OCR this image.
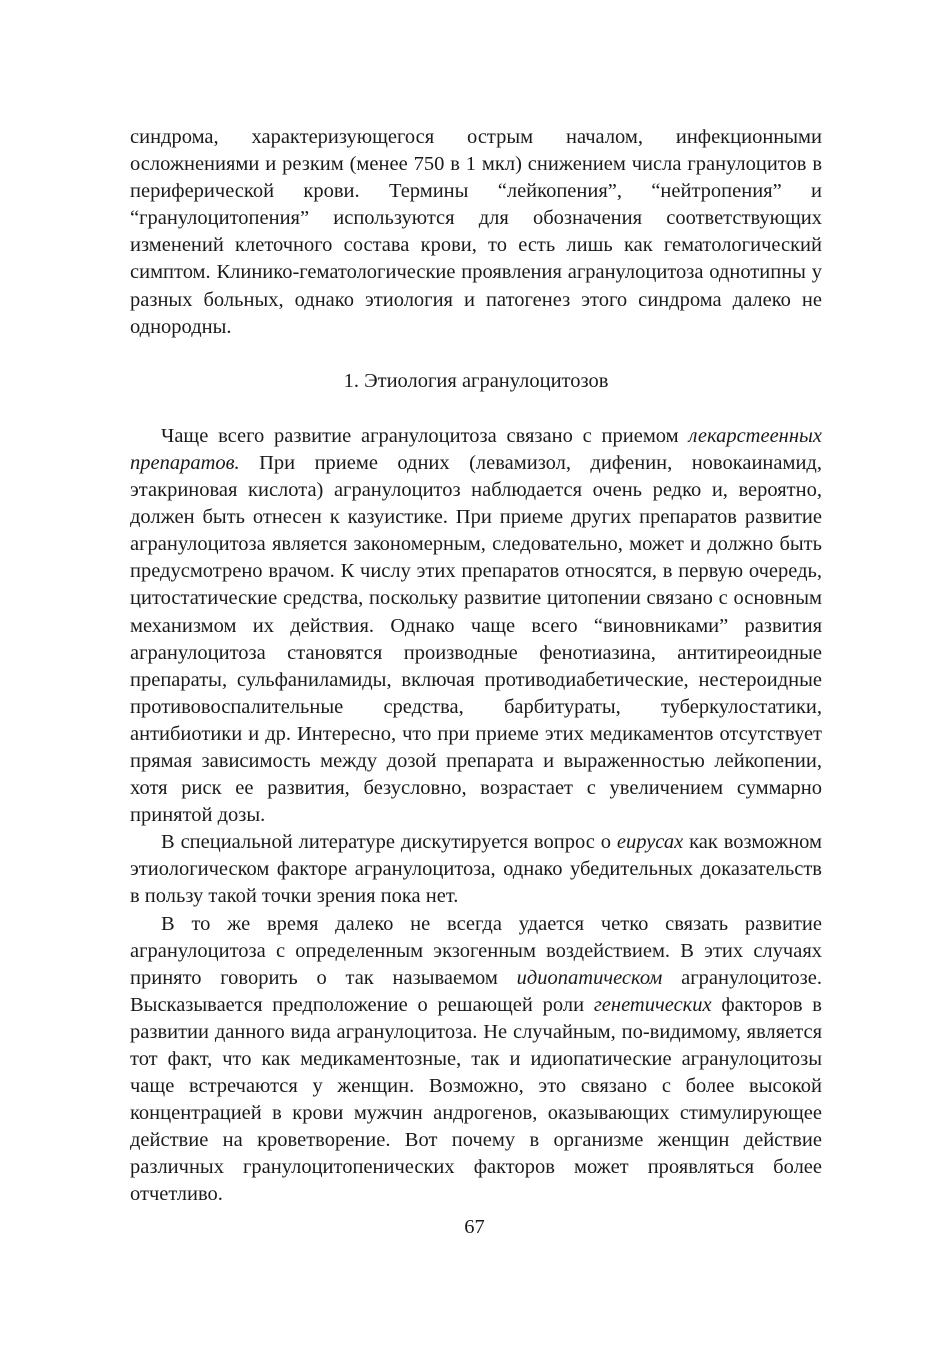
синдрома, характеризующегося острым началом, инфекционными осложнениями и резким (менее 750 в 1 мкл) снижением числа гранулоцитов в периферической крови. Термины “лейкопения”, “нейтропения” и “гранулоцитопения” используются для обозначения соответствующих изменений клеточного состава крови, то есть лишь как гематологический симптом. Клинико-гематологические проявления агранулоцитоза однотипны у разных больных, однако этиология и патогенез этого синдрома далеко не однородны.

1. Этиология агранулоцитозов

Чаще всего развитие агранулоцитоза связано с приемом лекарстеенных препаратов. При приеме одних (левамизол, дифенин, новокаинамид, этакриновая кислота) агранулоцитоз наблюдается очень редко и, вероятно, должен быть отнесен к казуистике. При приеме других препаратов развитие агранулоцитоза является закономерным, следовательно, может и должно быть предусмотрено врачом. К числу этих препаратов относятся, в первую очередь, цитостатические средства, поскольку развитие цитопении связано с основным механизмом их действия. Однако чаще всего “виновниками” развития агранулоцитоза становятся производные фенотиазина, антитиреоидные препараты, сульфаниламиды, включая противодиабетические, нестероидные противовоспалительные средства, барбитураты, туберкулостатики, антибиотики и др. Интересно, что при приеме этих медикаментов отсутствует прямая зависимость между дозой препарата и выраженностью лейкопении, хотя риск ее развития, безусловно, возрастает с увеличением суммарно принятой дозы.

В специальной литературе дискутируется вопрос о еирусах как возможном этиологическом факторе агранулоцитоза, однако убедительных доказательств в пользу такой точки зрения пока нет.

В то же время далеко не всегда удается четко связать развитие агранулоцитоза с определенным экзогенным воздействием. В этих случаях принято говорить о так называемом идиопатическом агранулоцитозе. Высказывается предположение о решающей роли генетических факторов в развитии данного вида агранулоцитоза. Не случайным, по-видимому, является тот факт, что как медикаментозные, так и идиопатические агранулоцитозы чаще встречаются у женщин. Возможно, это связано с более высокой концентрацией в крови мужчин андрогенов, оказывающих стимулирующее действие на кроветворение. Вот почему в организме женщин действие различных гранулоцитопенических факторов может проявляться более отчетливо.

67
